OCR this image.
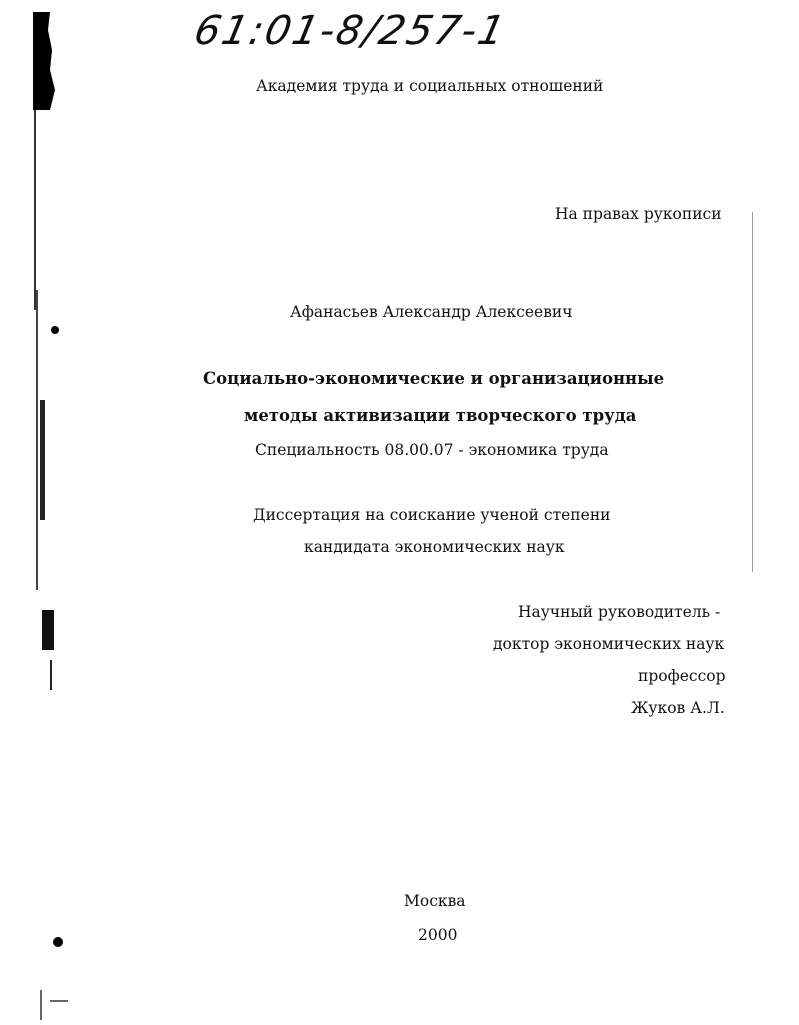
61:01-8/257-1
Академия труда и социальных отношений
На правах рукописи
Афанасьев Александр Алексеевич
Социально-экономические и организационные
методы активизации творческого труда
Специальность 08.00.07 - экономика труда
Диссертация на соискание ученой степени
кандидата экономических наук
Научный руководитель -
доктор экономических наук
профессор
Жуков А.Л.
Москва
2000
